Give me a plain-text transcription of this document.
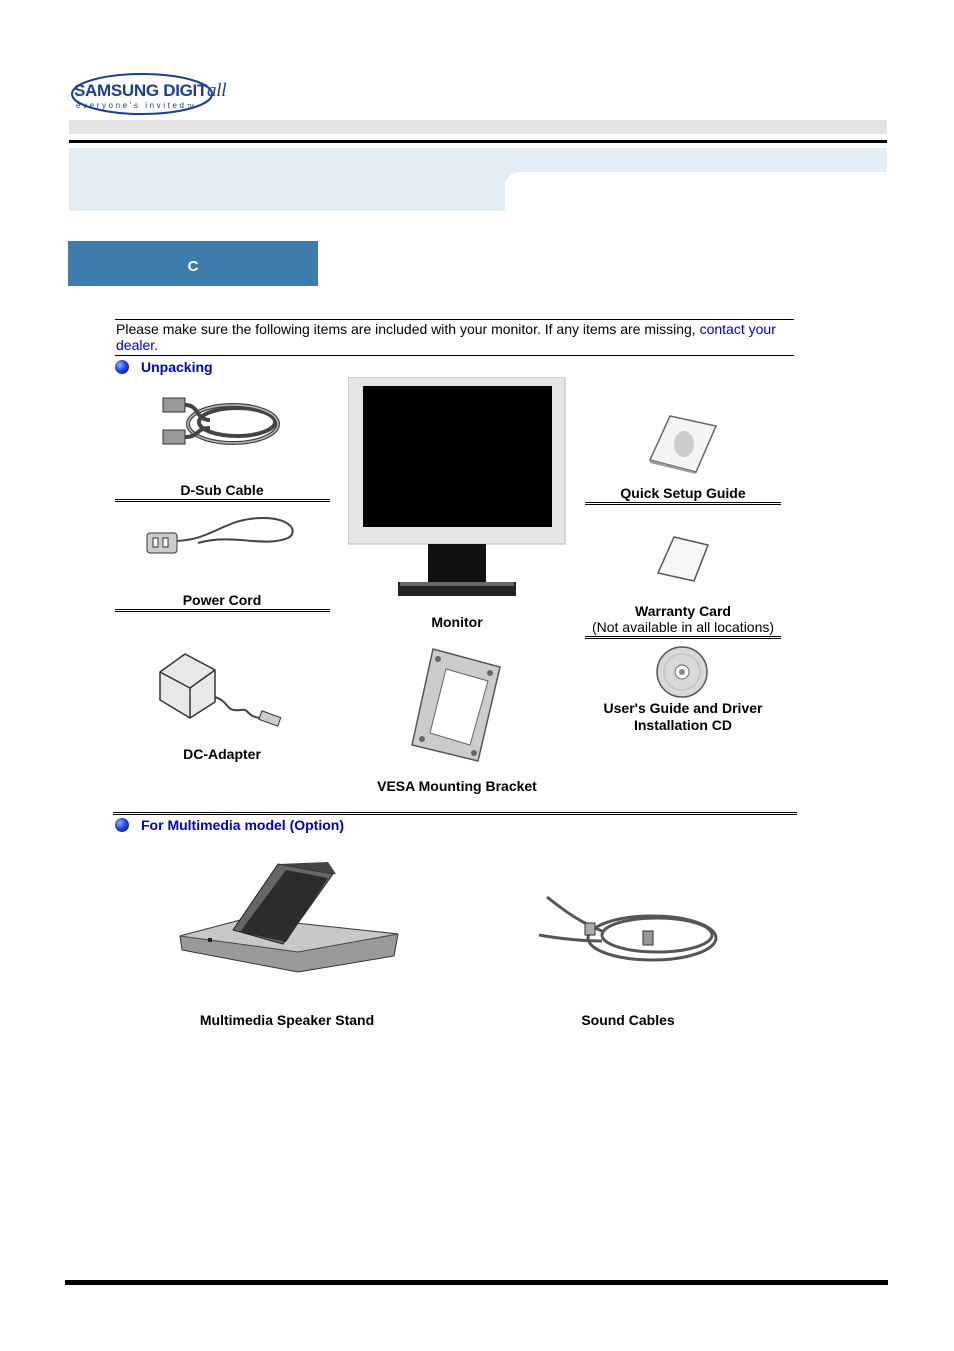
SAMSUNG DIGITall
everyone's invitedTM
C
Please make sure the following items are included with your monitor. If any items are missing, contact your dealer.
Unpacking
D-Sub Cable
Power Cord
Monitor
Quick Setup Guide
Warranty Card
(Not available in all locations)
DC-Adapter
VESA Mounting Bracket
User's Guide and Driver
Installation CD
For Multimedia model (Option)
Multimedia Speaker Stand	Sound Cables
